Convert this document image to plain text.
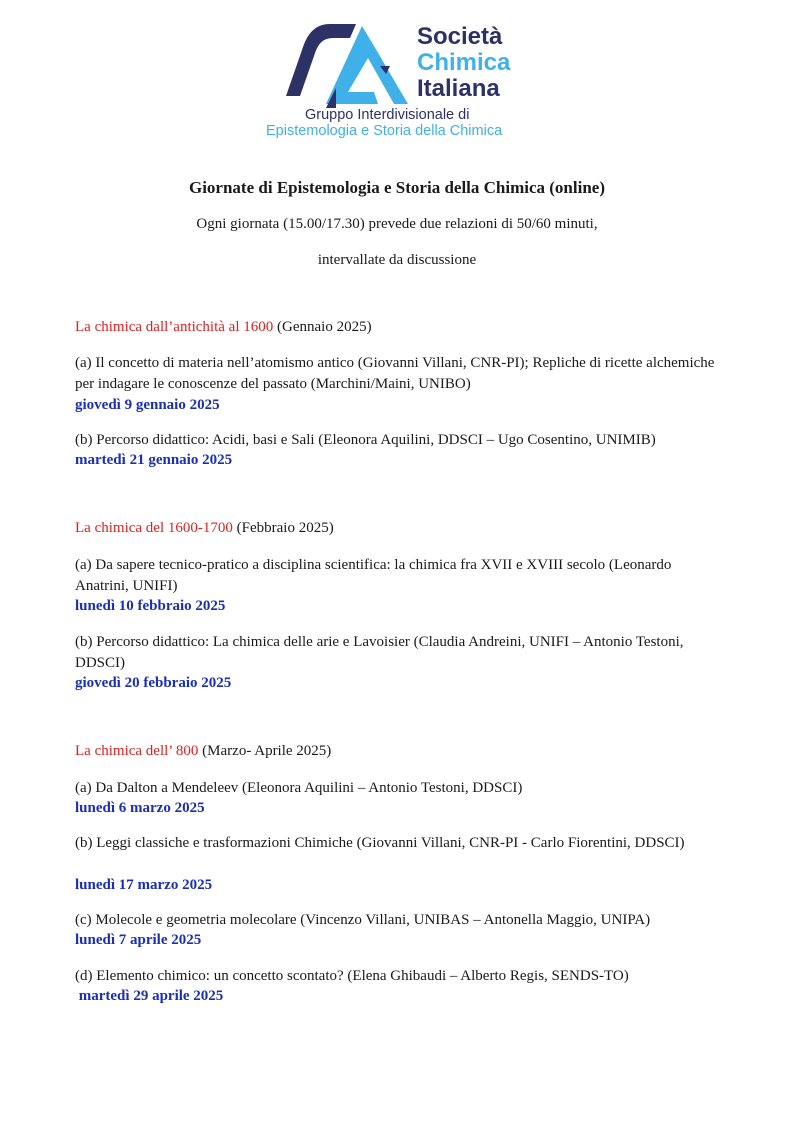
Società
Chimica
Italiana
Gruppo Interdivisionale di
Epistemologia e Storia della Chimica
Giornate di Epistemologia e Storia della Chimica (online)
Ogni giornata (15.00/17.30) prevede due relazioni di 50/60 minuti,
intervallate da discussione
La chimica dall’antichità al 1600 (Gennaio 2025)
(a) Il concetto di materia nell’atomismo antico (Giovanni Villani, CNR-PI); Repliche di ricette alchemiche per indagare le conoscenze del passato (Marchini/Maini, UNIBO)
giovedì 9 gennaio 2025
(b) Percorso didattico: Acidi, basi e Sali (Eleonora Aquilini, DDSCI – Ugo Cosentino, UNIMIB)
martedì 21 gennaio 2025
La chimica del 1600-1700 (Febbraio 2025)
(a) Da sapere tecnico-pratico a disciplina scientifica: la chimica fra XVII e XVIII secolo (Leonardo Anatrini, UNIFI)
lunedì 10 febbraio 2025
(b) Percorso didattico: La chimica delle arie e Lavoisier (Claudia Andreini, UNIFI – Antonio Testoni, DDSCI)
giovedì 20 febbraio 2025
La chimica dell’ 800 (Marzo- Aprile 2025)
(a) Da Dalton a Mendeleev (Eleonora Aquilini – Antonio Testoni, DDSCI)
lunedì 6 marzo 2025
(b) Leggi classiche e trasformazioni Chimiche (Giovanni Villani, CNR-PI - Carlo Fiorentini, DDSCI)
lunedì 17 marzo 2025
(c) Molecole e geometria molecolare (Vincenzo Villani, UNIBAS – Antonella Maggio, UNIPA)
lunedì 7 aprile 2025
(d) Elemento chimico: un concetto scontato? (Elena Ghibaudi – Alberto Regis, SENDS-TO)
martedì 29 aprile 2025
